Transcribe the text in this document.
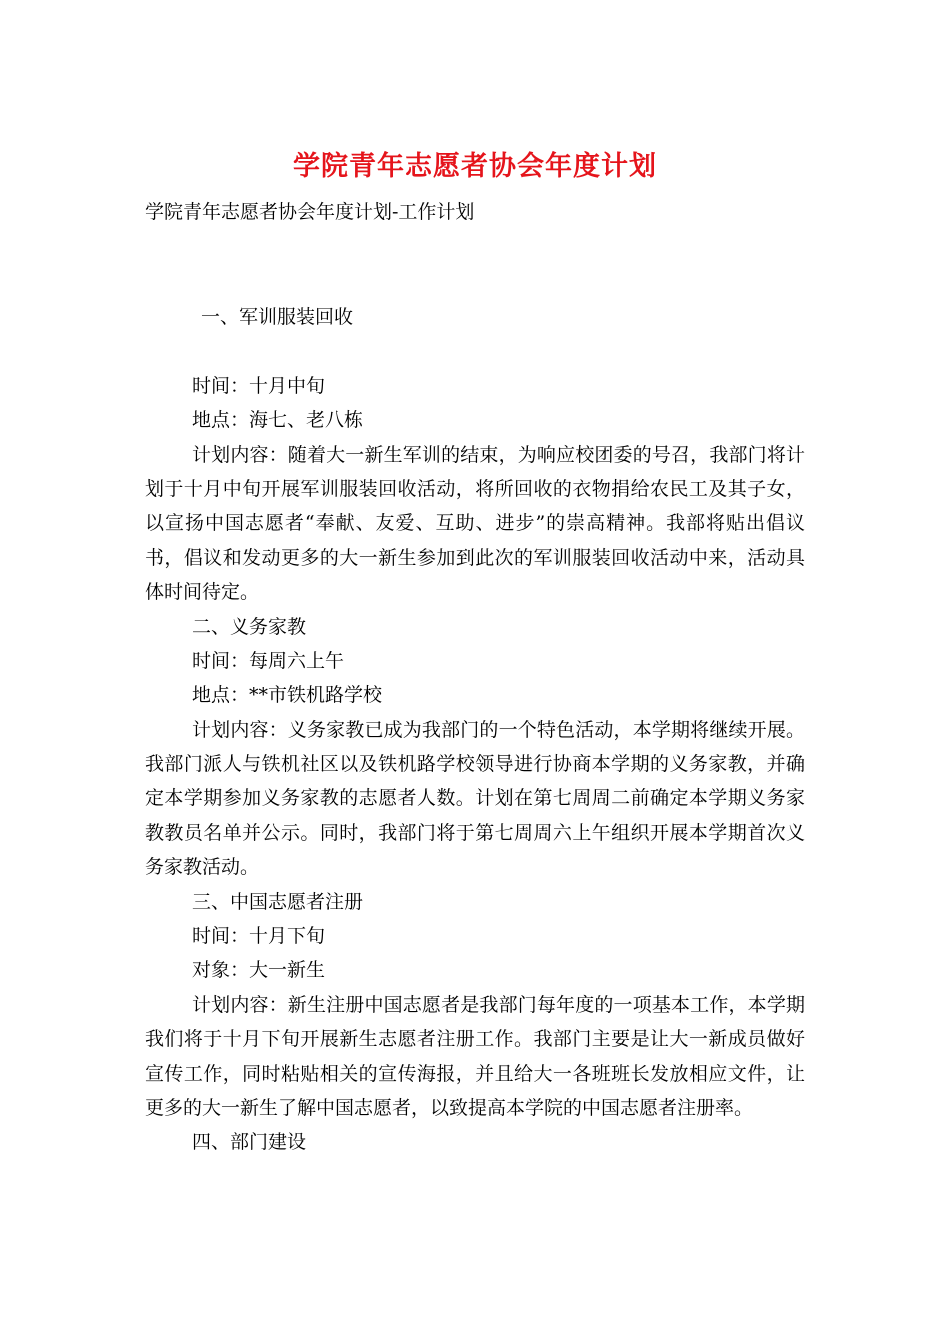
学院青年志愿者协会年度计划
学院青年志愿者协会年度计划-工作计划
一、军训服装回收
时间：十月中旬
地点：海七、老八栋
计划内容：随着大一新生军训的结束，为响应校团委的号召，我部门将计
划于十月中旬开展军训服装回收活动，将所回收的衣物捐给农民工及其子女，
以宣扬中国志愿者“奉献、友爱、互助、进步”的崇高精神。我部将贴出倡议
书，倡议和发动更多的大一新生参加到此次的军训服装回收活动中来，活动具
体时间待定。
二、义务家教
时间：每周六上午
地点：**市铁机路学校
计划内容：义务家教已成为我部门的一个特色活动，本学期将继续开展。
我部门派人与铁机社区以及铁机路学校领导进行协商本学期的义务家教，并确
定本学期参加义务家教的志愿者人数。计划在第七周周二前确定本学期义务家
教教员名单并公示。同时，我部门将于第七周周六上午组织开展本学期首次义
务家教活动。
三、中国志愿者注册
时间：十月下旬
对象：大一新生
计划内容：新生注册中国志愿者是我部门每年度的一项基本工作，本学期
我们将于十月下旬开展新生志愿者注册工作。我部门主要是让大一新成员做好
宣传工作，同时粘贴相关的宣传海报，并且给大一各班班长发放相应文件，让
更多的大一新生了解中国志愿者，以致提高本学院的中国志愿者注册率。
四、部门建设
